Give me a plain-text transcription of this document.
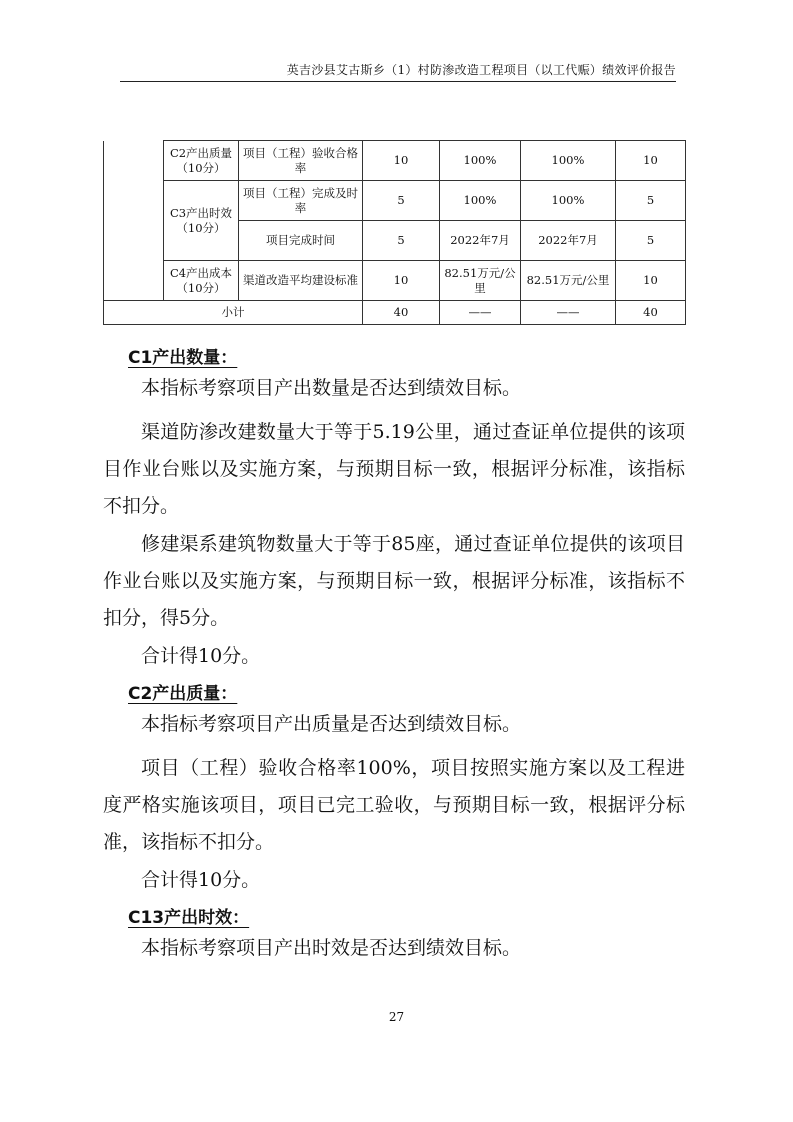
英吉沙县艾古斯乡（1）村防渗改造工程项目（以工代赈）绩效评价报告
	C2产出质量（10分）	项目（工程）验收合格率	10	100%	100%	10
	C3产出时效（10分）	项目（工程）完成及时率	5	100%	100%	5
		项目完成时间	5	2022年7月	2022年7月	5
	C4产出成本（10分）	渠道改造平均建设标准	10	82.51万元/公里	82.51万元/公里	10
小计			40	——	——	40
C1产出数量：
本指标考察项目产出数量是否达到绩效目标。
渠道防渗改建数量大于等于5.19公里，通过查证单位提供的该项目作业台账以及实施方案，与预期目标一致，根据评分标准，该指标不扣分。
修建渠系建筑物数量大于等于85座，通过查证单位提供的该项目作业台账以及实施方案，与预期目标一致，根据评分标准，该指标不扣分，得5分。
合计得10分。
C2产出质量：
本指标考察项目产出质量是否达到绩效目标。
项目（工程）验收合格率100%，项目按照实施方案以及工程进度严格实施该项目，项目已完工验收，与预期目标一致，根据评分标准，该指标不扣分。
合计得10分。
C13产出时效：
本指标考察项目产出时效是否达到绩效目标。
27
